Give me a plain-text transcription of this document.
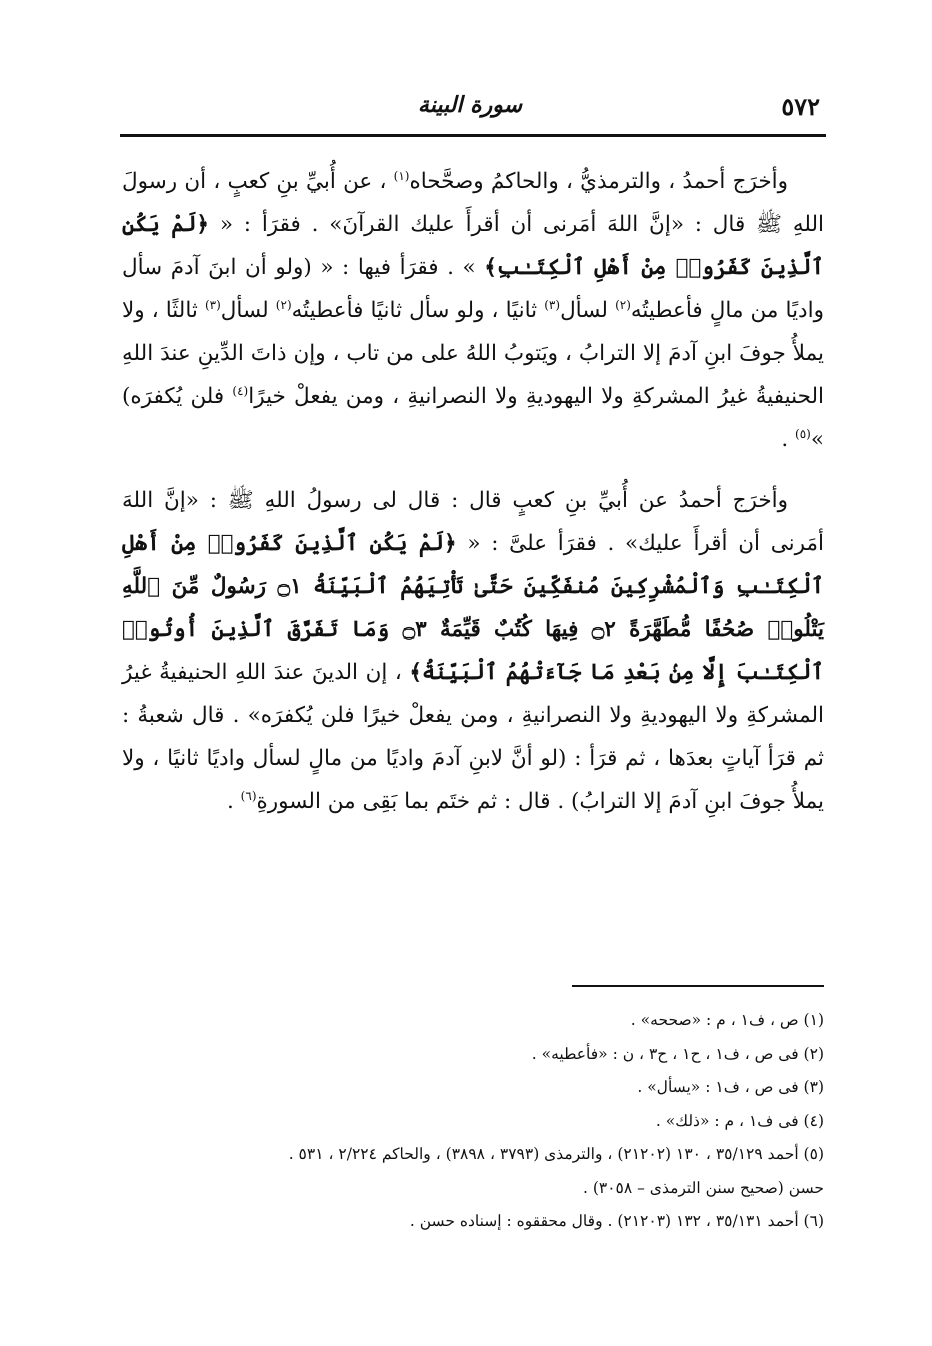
٥٧٢
سورة البينة

وأخرَج أحمدُ ، والترمذيُّ ، والحاكمُ وصحَّحاه$^{(١)}$ ، عن أُبيِّ بنِ كعبٍ ، أن رسولَ اللهِ ﷺ قال : «إنَّ اللهَ أمَرنى أن أقرأَ عليك القرآنَ» . فقرَأ : « ﴿لَمْ يَكُنِ ٱلَّذِينَ كَفَرُوا۟ مِنْ أَهْلِ ٱلْكِتَـٰبِ﴾ » . فقرَأ فيها : « (ولو أن ابنَ آدمَ سأل واديًا من مالٍ فأعطيتُه$^{(٢)}$ لسأل$^{(٣)}$ ثانيًا ، ولو سأل ثانيًا فأعطيتُه$^{(٢)}$ لسأل$^{(٣)}$ ثالثًا ، ولا يملأُ جوفَ ابنِ آدمَ إلا الترابُ ، ويَتوبُ اللهُ على من تاب ، وإن ذاتَ الدِّينِ عندَ اللهِ الحنيفيةُ غيرُ المشركةِ ولا اليهوديةِ ولا النصرانيةِ ، ومن يفعلْ خيرًا$^{(٤)}$ فلن يُكفرَه) »$^{(٥)}$ .

وأخرَج أحمدُ عن أُبيِّ بنِ كعبٍ قال : قال لى رسولُ اللهِ ﷺ : «إنَّ اللهَ أمَرنى أن أقرأَ عليك» . فقرَأ علىَّ : « ﴿لَمْ يَكُنِ ٱلَّذِينَ كَفَرُوا۟ مِنْ أَهْلِ ٱلْكِتَـٰبِ وَٱلْمُشْرِكِينَ مُنفَكِّينَ حَتَّىٰ تَأْتِيَهُمُ ٱلْبَيِّنَةُ ۝١ رَسُولٌ مِّنَ ٱللَّهِ يَتْلُوا۟ صُحُفًا مُّطَهَّرَةً ۝٢ فِيهَا كُتُبٌ قَيِّمَةٌ ۝٣ وَمَا تَفَرَّقَ ٱلَّذِينَ أُوتُوا۟ ٱلْكِتَـٰبَ إِلَّا مِنۢ بَعْدِ مَا جَآءَتْهُمُ ٱلْبَيِّنَةُ﴾ ، إن الدينَ عندَ اللهِ الحنيفيةُ غيرُ المشركةِ ولا اليهوديةِ ولا النصرانيةِ ، ومن يفعلْ خيرًا فلن يُكفرَه» . قال شعبةُ : ثم قرَأ آياتٍ بعدَها ، ثم قرَأ : (لو أنَّ لابنِ آدمَ واديًا من مالٍ لسأل واديًا ثانيًا ، ولا يملأُ جوفَ ابنِ آدمَ إلا الترابُ) . قال : ثم ختَم بما بَقِى من السورةِ$^{(٦)}$ .

(١) ص ، ف١ ، م : «صححه» .

(٢) فى ص ، ف١ ، ح١ ، ح٣ ، ن : «فأعطيه» .

(٣) فى ص ، ف١ : «يسأل» .

(٤) فى ف١ ، م : «ذلك» .

(٥) أحمد ٣٥/١٢٩ ، ١٣٠ (٢١٢٠٢) ، والترمذى (٣٧٩٣ ، ٣٨٩٨) ، والحاكم ٢/٢٢٤ ، ٥٣١ .

حسن (صحيح سنن الترمذى – ٣٠٥٨) .

(٦) أحمد ٣٥/١٣١ ، ١٣٢ (٢١٢٠٣) . وقال محققوه : إسناده حسن .
